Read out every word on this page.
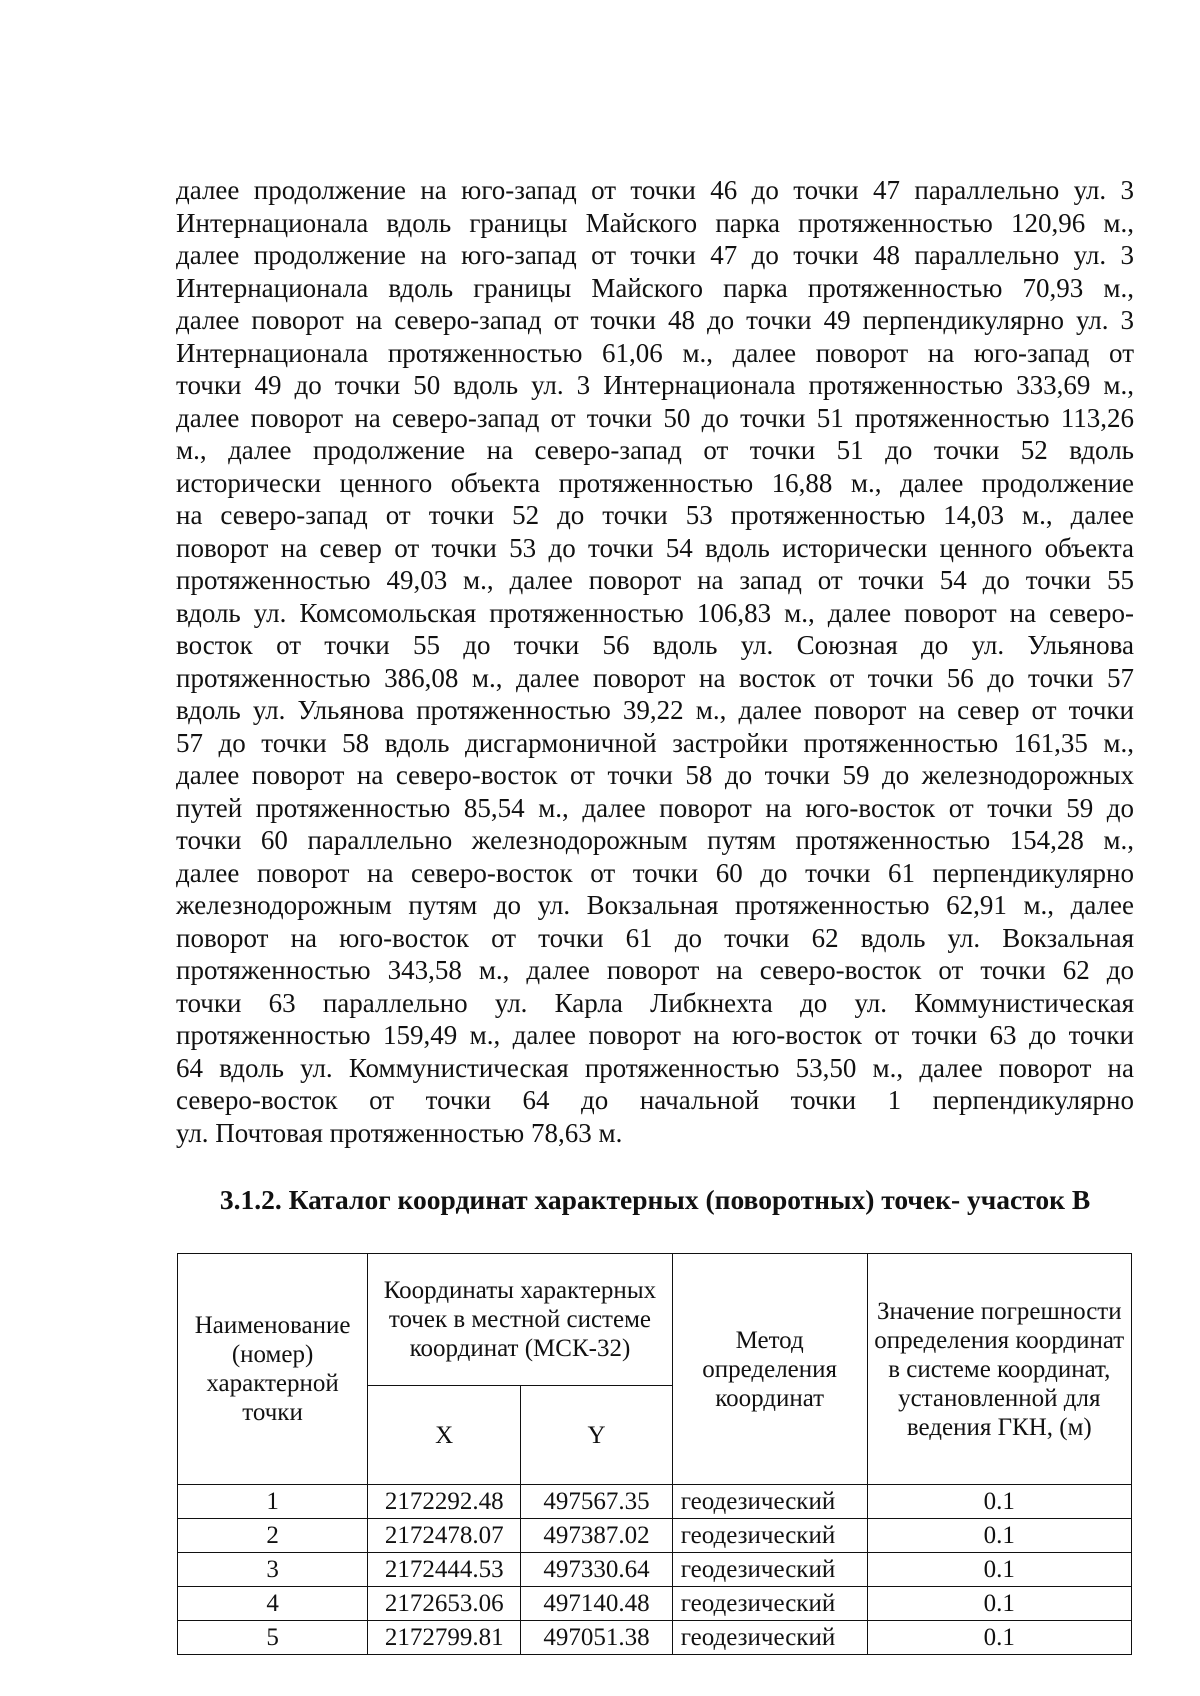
далее продолжение на юго-запад от точки 46 до точки 47 параллельно ул. 3
Интернационала вдоль границы Майского парка протяженностью 120,96 м.,
далее продолжение на юго-запад от точки 47 до точки 48 параллельно ул. 3
Интернационала вдоль границы Майского парка протяженностью 70,93 м.,
далее поворот на северо-запад от точки 48 до точки 49 перпендикулярно ул. 3
Интернационала протяженностью 61,06 м., далее поворот на юго-запад от
точки 49 до точки 50 вдоль ул. 3 Интернационала протяженностью 333,69 м.,
далее поворот на северо-запад от точки 50 до точки 51 протяженностью 113,26
м., далее продолжение на северо-запад от точки 51 до точки 52 вдоль
исторически ценного объекта протяженностью 16,88 м., далее продолжение
на северо-запад от точки 52 до точки 53 протяженностью 14,03 м., далее
поворот на север от точки 53 до точки 54 вдоль исторически ценного объекта
протяженностью 49,03 м., далее поворот на запад от точки 54 до точки 55
вдоль ул. Комсомольская протяженностью 106,83 м., далее поворот на северо-
восток от точки 55 до точки 56 вдоль ул. Союзная до ул. Ульянова
протяженностью 386,08 м., далее поворот на восток от точки 56 до точки 57
вдоль ул. Ульянова протяженностью 39,22 м., далее поворот на север от точки
57 до точки 58 вдоль дисгармоничной застройки протяженностью 161,35 м.,
далее поворот на северо-восток от точки 58 до точки 59 до железнодорожных
путей протяженностью 85,54 м., далее поворот на юго-восток от точки 59 до
точки 60 параллельно железнодорожным путям протяженностью 154,28 м.,
далее поворот на северо-восток от точки 60 до точки 61 перпендикулярно
железнодорожным путям до ул. Вокзальная протяженностью 62,91 м., далее
поворот на юго-восток от точки 61 до точки 62 вдоль ул. Вокзальная
протяженностью 343,58 м., далее поворот на северо-восток от точки 62 до
точки 63 параллельно ул. Карла Либкнехта до ул. Коммунистическая
протяженностью 159,49 м., далее поворот на юго-восток от точки 63 до точки
64 вдоль ул. Коммунистическая протяженностью 53,50 м., далее поворот на
северо-восток от точки 64 до начальной точки 1 перпендикулярно
ул. Почтовая протяженностью 78,63 м.
3.1.2. Каталог координат характерных (поворотных) точек- участок В
Наименование (номер) характерной точки	Координаты характерных точек в местной системе координат (МСК-32)		Метод определения координат	Значение погрешности определения координат в системе координат, установленной для ведения ГКН, (м)
	X	Y		
1	2172292.48	497567.35	геодезический	0.1
2	2172478.07	497387.02	геодезический	0.1
3	2172444.53	497330.64	геодезический	0.1
4	2172653.06	497140.48	геодезический	0.1
5	2172799.81	497051.38	геодезический	0.1
